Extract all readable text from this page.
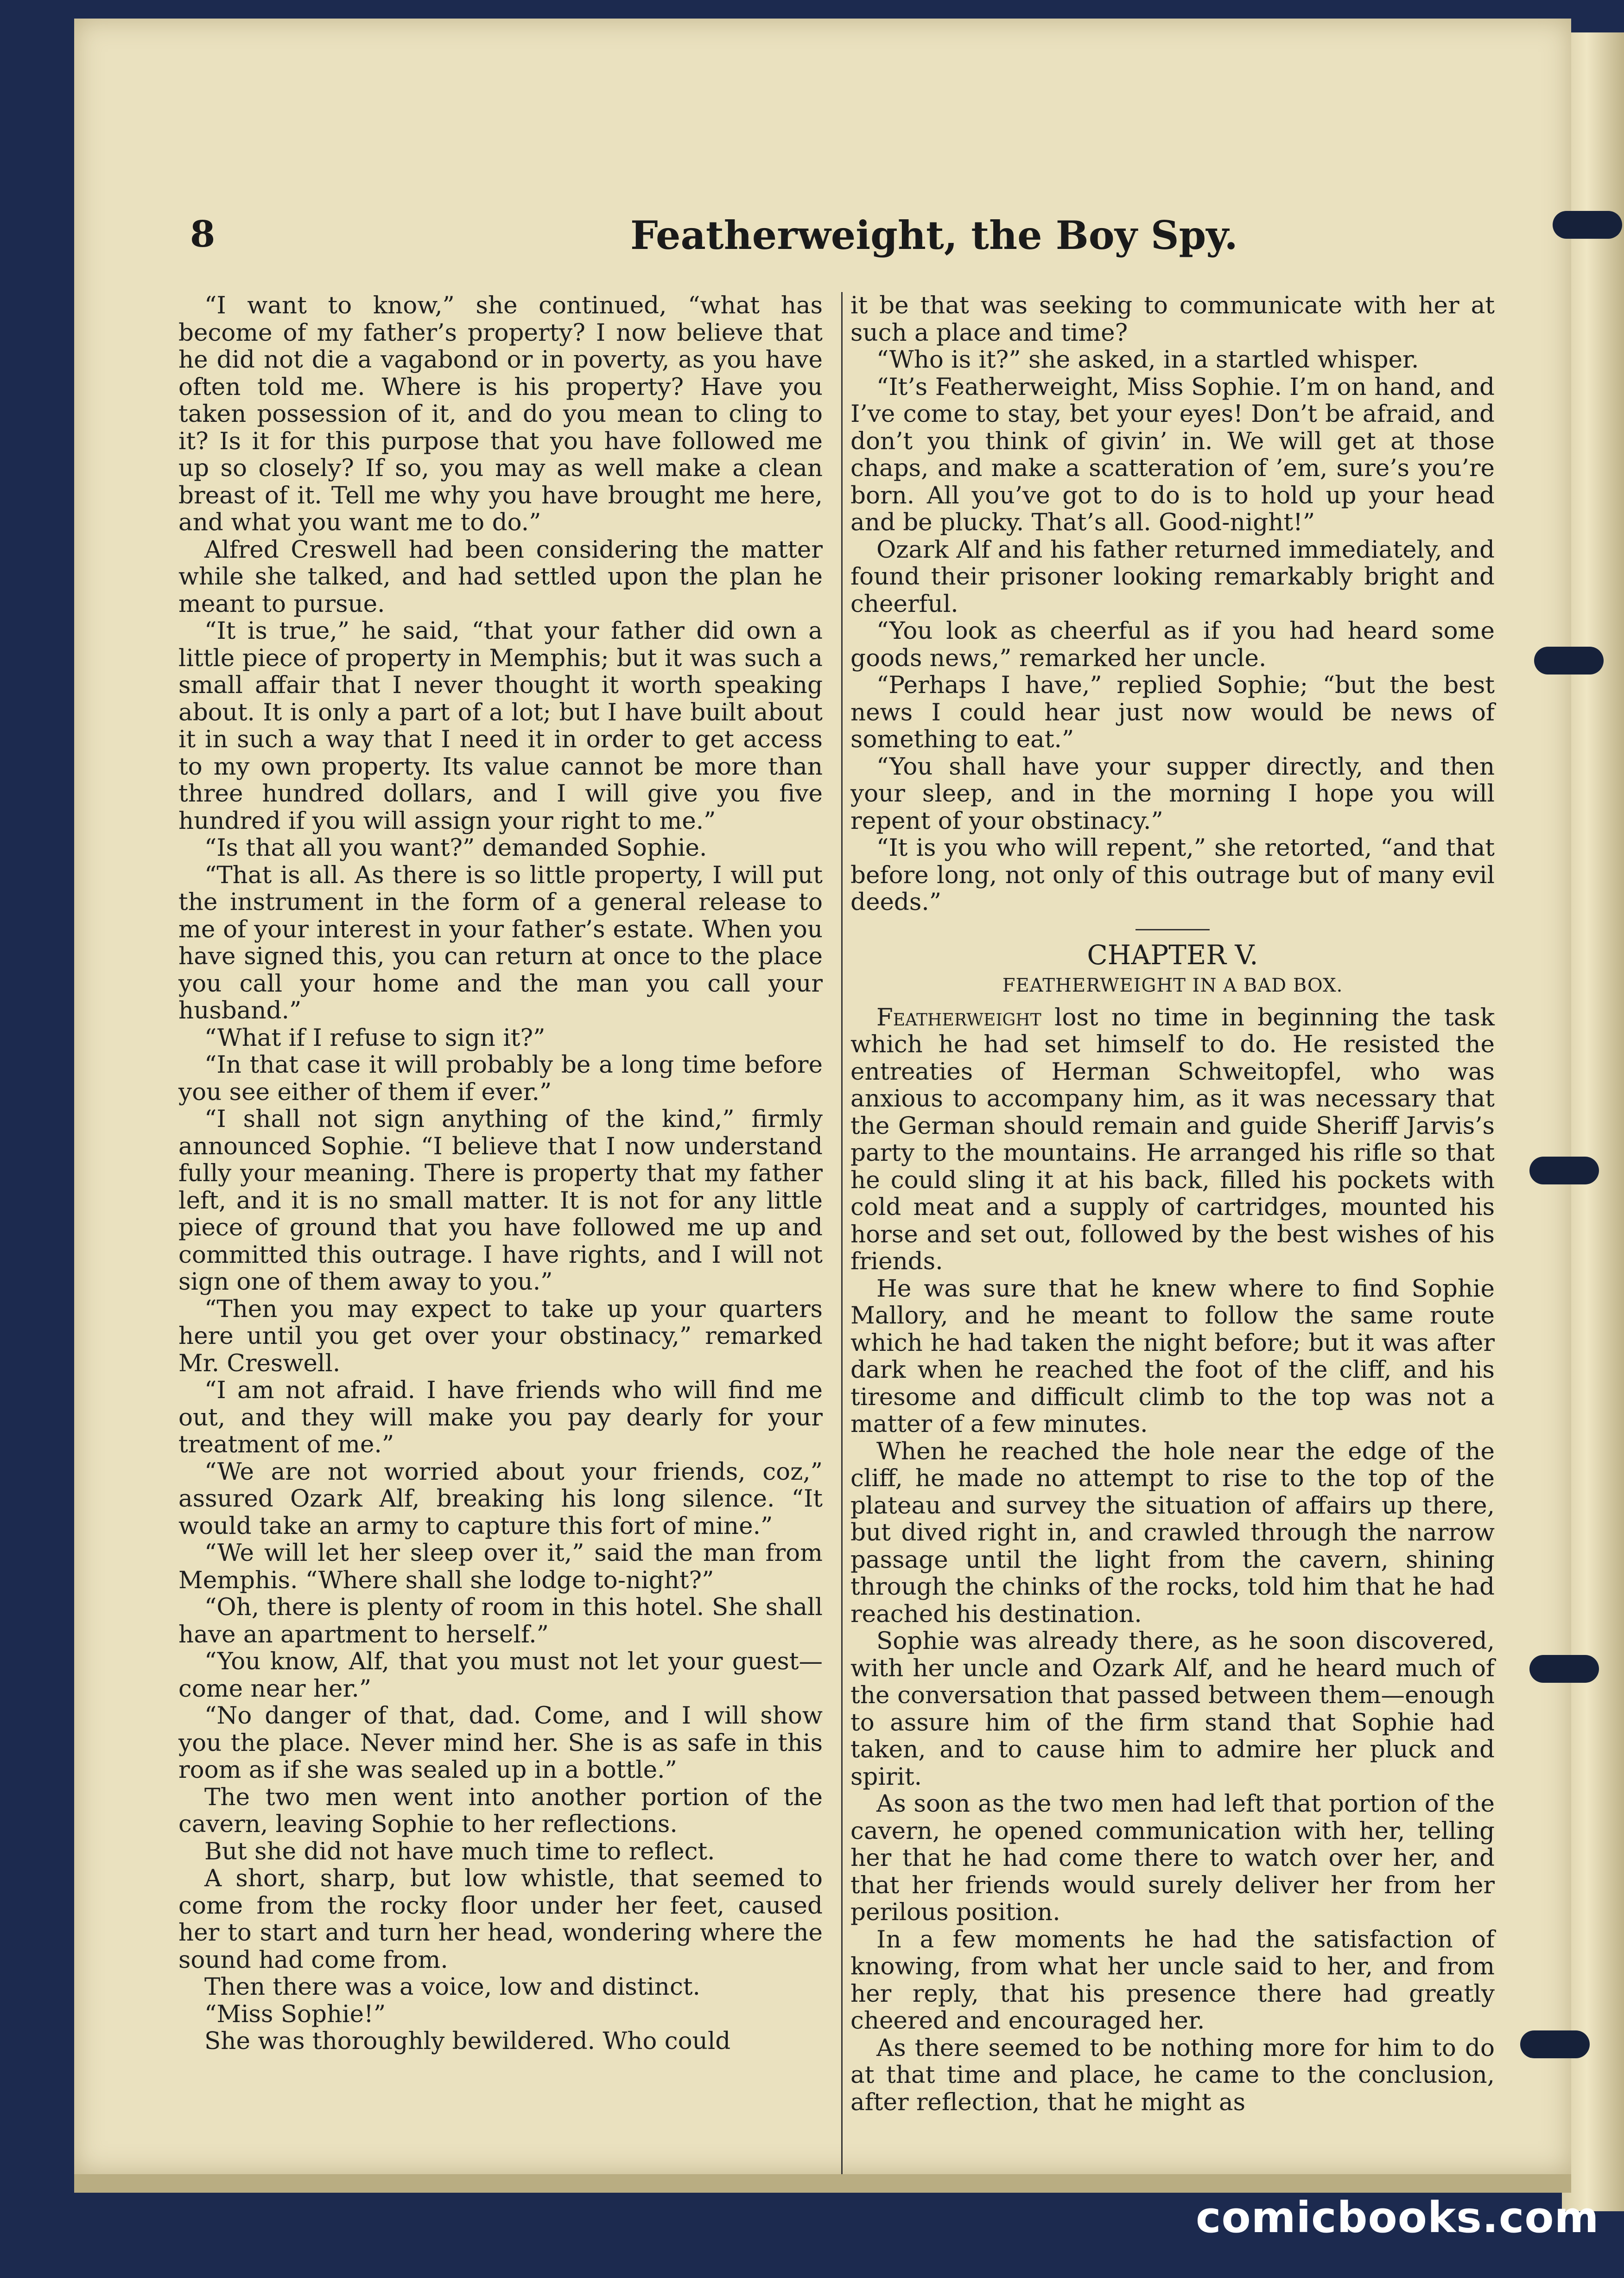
8	Featherweight, the Boy Spy.

“I want to know,” she continued, “what has become of my father’s property? I now believe that he did not die a vagabond or in poverty, as you have often told me. Where is his property? Have you taken possession of it, and do you mean to cling to it? Is it for this purpose that you have followed me up so closely? If so, you may as well make a clean breast of it. Tell me why you have brought me here, and what you want me to do.”

Alfred Creswell had been considering the matter while she talked, and had settled upon the plan he meant to pursue.

“It is true,” he said, “that your father did own a little piece of property in Memphis; but it was such a small affair that I never thought it worth speaking about. It is only a part of a lot; but I have built about it in such a way that I need it in order to get access to my own property. Its value cannot be more than three hundred dollars, and I will give you five hundred if you will assign your right to me.”

“Is that all you want?” demanded Sophie.

“That is all. As there is so little property, I will put the instrument in the form of a general release to me of your interest in your father’s estate. When you have signed this, you can return at once to the place you call your home and the man you call your husband.”

“What if I refuse to sign it?”

“In that case it will probably be a long time before you see either of them if ever.”

“I shall not sign anything of the kind,” firmly announced Sophie. “I believe that I now understand fully your meaning. There is property that my father left, and it is no small matter. It is not for any little piece of ground that you have followed me up and committed this outrage. I have rights, and I will not sign one of them away to you.”

“Then you may expect to take up your quarters here until you get over your obstinacy,” remarked Mr. Creswell.

“I am not afraid. I have friends who will find me out, and they will make you pay dearly for your treatment of me.”

“We are not worried about your friends, coz,” assured Ozark Alf, breaking his long silence. “It would take an army to capture this fort of mine.”

“We will let her sleep over it,” said the man from Memphis. “Where shall she lodge to-night?”

“Oh, there is plenty of room in this hotel. She shall have an apartment to herself.”

“You know, Alf, that you must not let your guest—come near her.”

“No danger of that, dad. Come, and I will show you the place. Never mind her. She is as safe in this room as if she was sealed up in a bottle.”

The two men went into another portion of the cavern, leaving Sophie to her reflections.

But she did not have much time to reflect.

A short, sharp, but low whistle, that seemed to come from the rocky floor under her feet, caused her to start and turn her head, wondering where the sound had come from.

Then there was a voice, low and distinct.

“Miss Sophie!”

She was thoroughly bewildered. Who could

it be that was seeking to communicate with her at such a place and time?

“Who is it?” she asked, in a startled whisper.

“It’s Featherweight, Miss Sophie. I’m on hand, and I’ve come to stay, bet your eyes! Don’t be afraid, and don’t you think of givin’ in. We will get at those chaps, and make a scatteration of ’em, sure’s you’re born. All you’ve got to do is to hold up your head and be plucky. That’s all. Good-night!”

Ozark Alf and his father returned immediately, and found their prisoner looking remarkably bright and cheerful.

“You look as cheerful as if you had heard some goods news,” remarked her uncle.

“Perhaps I have,” replied Sophie; “but the best news I could hear just now would be news of something to eat.”

“You shall have your supper directly, and then your sleep, and in the morning I hope you will repent of your obstinacy.”

“It is you who will repent,” she retorted, “and that before long, not only of this outrage but of many evil deeds.”

CHAPTER V.

FEATHERWEIGHT IN A BAD BOX.

Featherweight lost no time in beginning the task which he had set himself to do. He resisted the entreaties of Herman Schweitopfel, who was anxious to accompany him, as it was necessary that the German should remain and guide Sheriff Jarvis’s party to the mountains. He arranged his rifle so that he could sling it at his back, filled his pockets with cold meat and a supply of cartridges, mounted his horse and set out, followed by the best wishes of his friends.

He was sure that he knew where to find Sophie Mallory, and he meant to follow the same route which he had taken the night before; but it was after dark when he reached the foot of the cliff, and his tiresome and difficult climb to the top was not a matter of a few minutes.

When he reached the hole near the edge of the cliff, he made no attempt to rise to the top of the plateau and survey the situation of affairs up there, but dived right in, and crawled through the narrow passage until the light from the cavern, shining through the chinks of the rocks, told him that he had reached his destination.

Sophie was already there, as he soon discovered, with her uncle and Ozark Alf, and he heard much of the conversation that passed between them—enough to assure him of the firm stand that Sophie had taken, and to cause him to admire her pluck and spirit.

As soon as the two men had left that portion of the cavern, he opened communication with her, telling her that he had come there to watch over her, and that her friends would surely deliver her from her perilous position.

In a few moments he had the satisfaction of knowing, from what her uncle said to her, and from her reply, that his presence there had greatly cheered and encouraged her.

As there seemed to be nothing more for him to do at that time and place, he came to the conclusion, after reflection, that he might as

comicbooks.com
